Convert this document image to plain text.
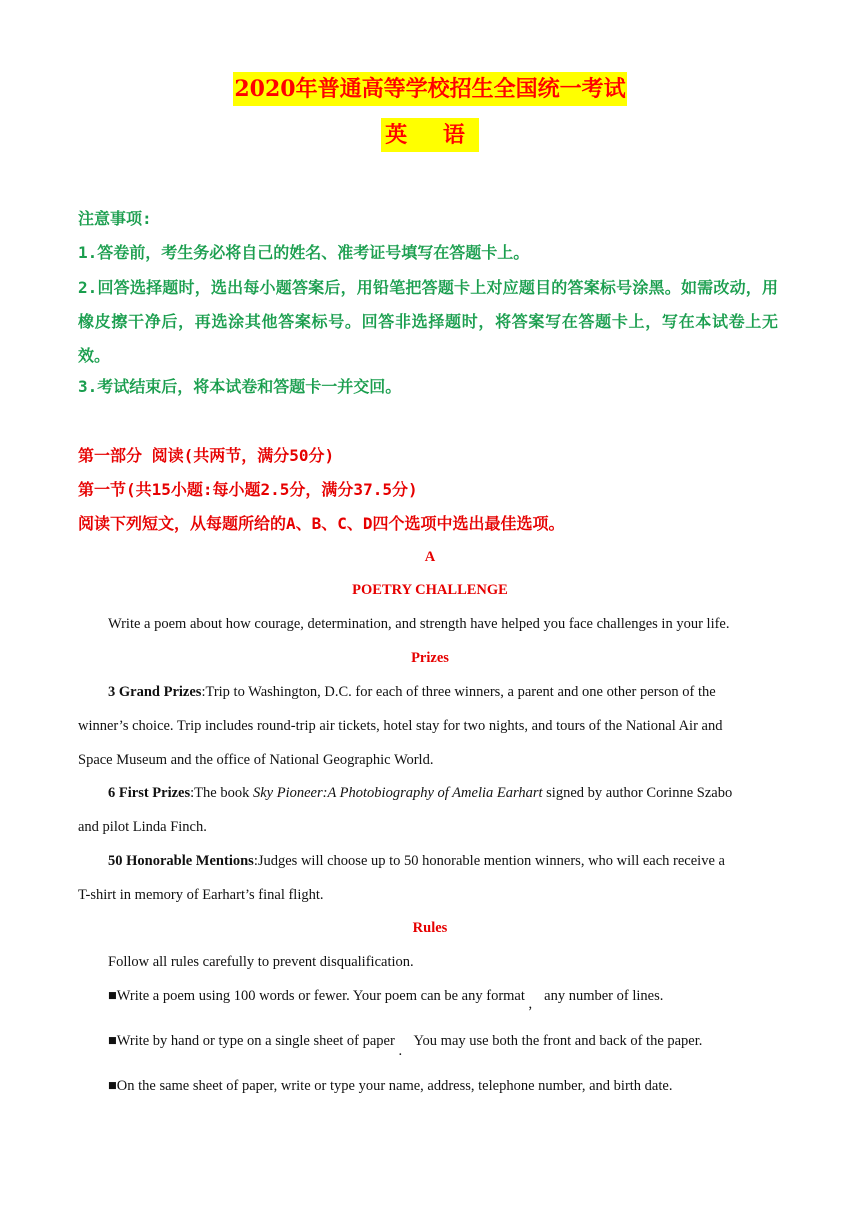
2020年普通高等学校招生全国统一考试
英 语
注意事项:
1.答卷前，考生务必将自己的姓名、准考证号填写在答题卡上。
2.回答选择题时，选出每小题答案后，用铅笔把答题卡上对应题目的答案标号涂黑。如需改动，用橡皮擦干净后，再选涂其他答案标号。回答非选择题时，将答案写在答题卡上，写在本试卷上无效。
3.考试结束后，将本试卷和答题卡一并交回。
第一部分 阅读(共两节，满分50分)
第一节(共15小题:每小题2.5分，满分37.5分)
阅读下列短文，从每题所给的A、B、C、D四个选项中选出最佳选项。
A
POETRY CHALLENGE
Write a poem about how courage, determination, and strength have helped you face challenges in your life.
Prizes
3 Grand Prizes:Trip to Washington, D.C. for each of three winners, a parent and one other person of the
winner’s choice. Trip includes round-trip air tickets, hotel stay for two nights, and tours of the National Air and
Space Museum and the office of National Geographic World.
6 First Prizes:The book Sky Pioneer:A Photobiography of Amelia Earhart signed by author Corinne Szabo
and pilot Linda Finch.
50 Honorable Mentions:Judges will choose up to 50 honorable mention winners, who will each receive a
T-shirt in memory of Earhart’s final flight.
Rules
Follow all rules carefully to prevent disqualification.
■Write a poem using 100 words or fewer. Your poem can be any format , any number of lines.
■Write by hand or type on a single sheet of paper . You may use both the front and back of the paper.
■On the same sheet of paper, write or type your name, address, telephone number, and birth date.
